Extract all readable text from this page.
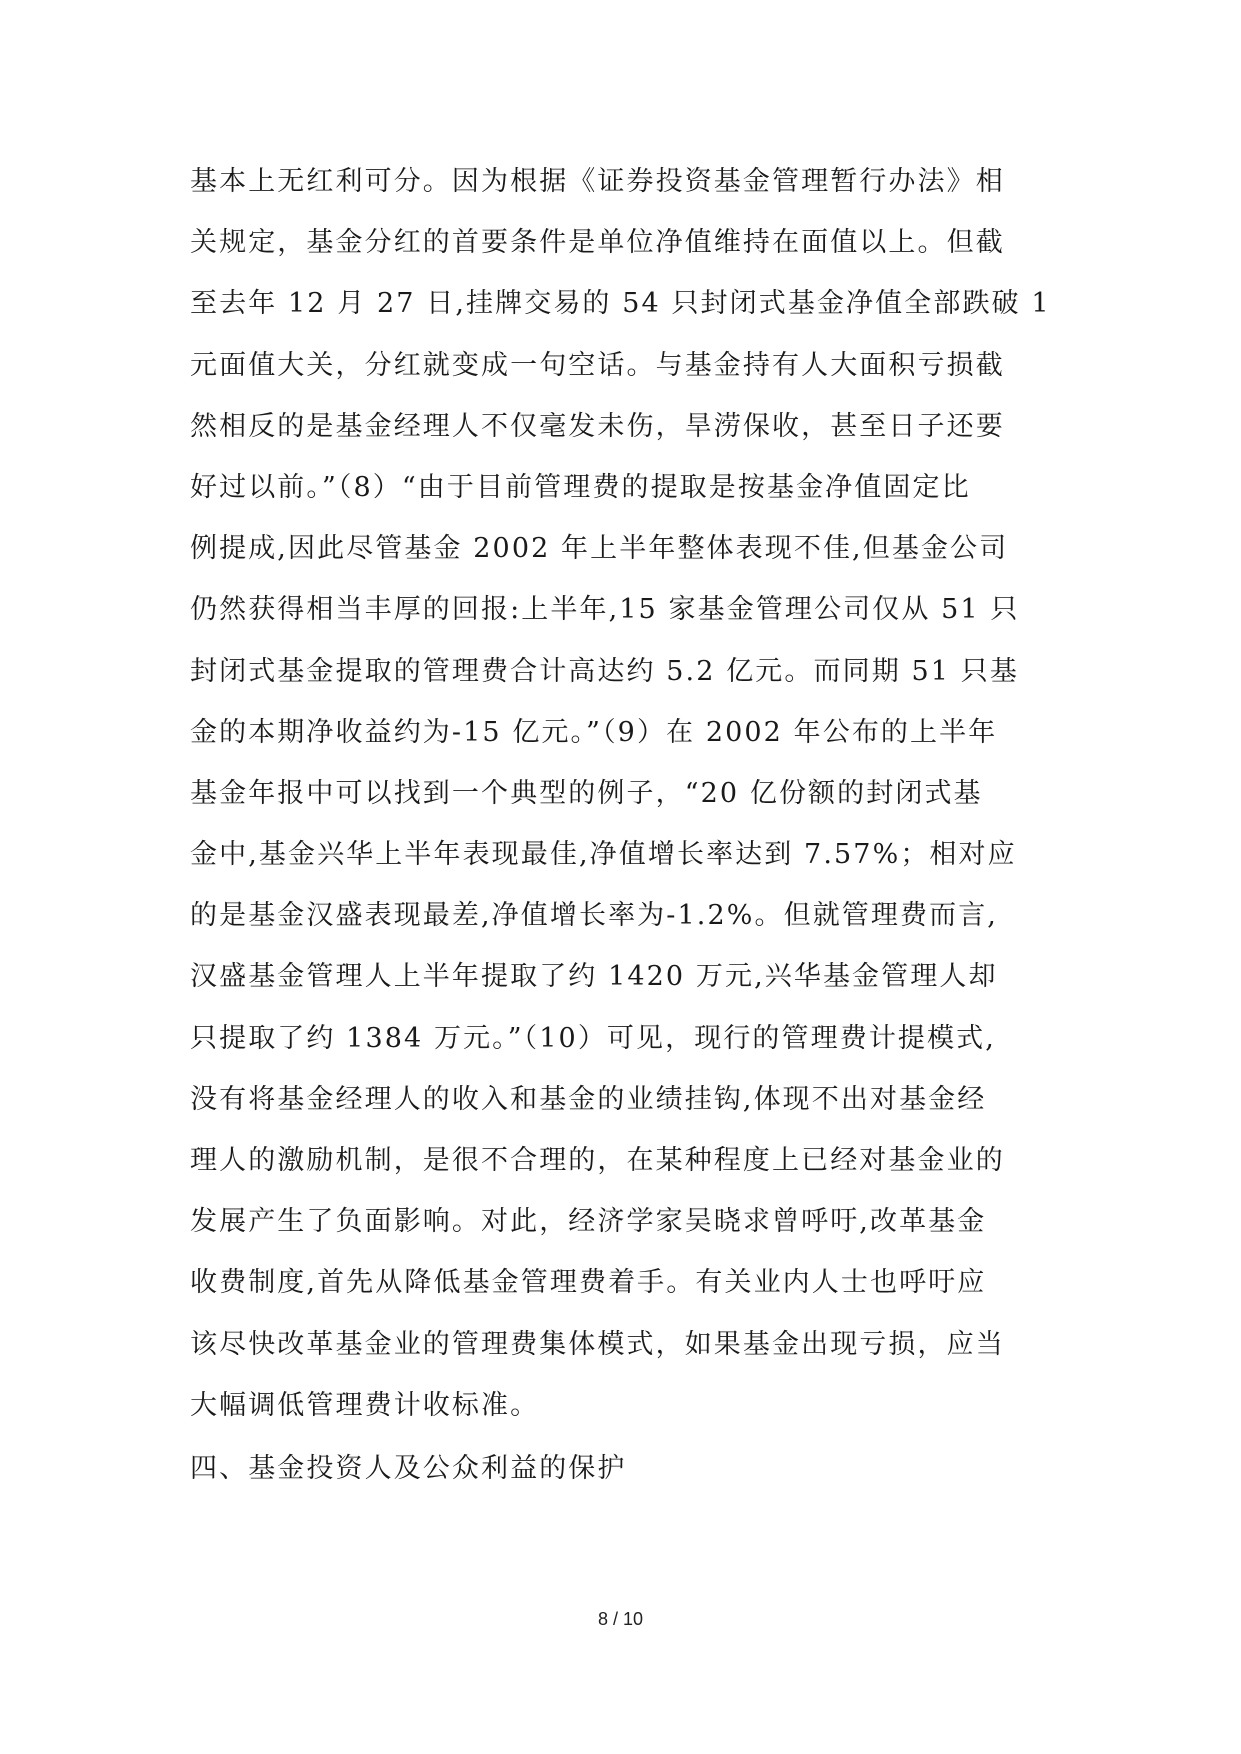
基本上无红利可分。因为根据《证券投资基金管理暂行办法》相
关规定，基金分红的首要条件是单位净值维持在面值以上。但截
至去年 12 月 27 日,挂牌交易的 54 只封闭式基金净值全部跌破 1
元面值大关，分红就变成一句空话。与基金持有人大面积亏损截
然相反的是基金经理人不仅毫发未伤，旱涝保收，甚至日子还要
好过以前。”（8）“由于目前管理费的提取是按基金净值固定比
例提成,因此尽管基金 2002 年上半年整体表现不佳,但基金公司
仍然获得相当丰厚的回报:上半年,15 家基金管理公司仅从 51 只
封闭式基金提取的管理费合计高达约 5.2 亿元。而同期 51 只基
金的本期净收益约为-15 亿元。”（9）在 2002 年公布的上半年
基金年报中可以找到一个典型的例子，“20 亿份额的封闭式基
金中,基金兴华上半年表现最佳,净值增长率达到 7.57%；相对应
的是基金汉盛表现最差,净值增长率为-1.2%。但就管理费而言,
汉盛基金管理人上半年提取了约 1420 万元,兴华基金管理人却
只提取了约 1384 万元。”（10）可见，现行的管理费计提模式,
没有将基金经理人的收入和基金的业绩挂钩,体现不出对基金经
理人的激励机制，是很不合理的，在某种程度上已经对基金业的
发展产生了负面影响。对此，经济学家吴晓求曾呼吁,改革基金
收费制度,首先从降低基金管理费着手。有关业内人士也呼吁应
该尽快改革基金业的管理费集体模式，如果基金出现亏损，应当
大幅调低管理费计收标准。
四、基金投资人及公众利益的保护
8 / 10
